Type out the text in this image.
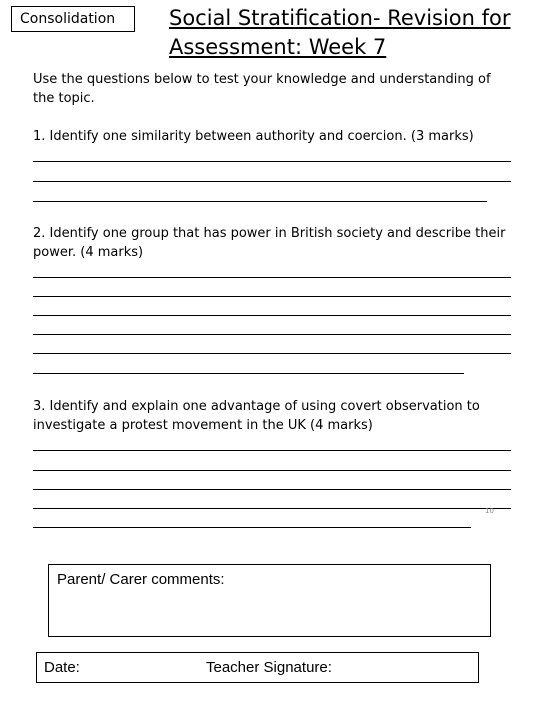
Consolidation	Social Stratification- Revision for
Assessment: Week 7
Use the questions below to test your knowledge and understanding of the topic.
1. Identify one similarity between authority and coercion. (3 marks)
2. Identify one group that has power in British society and describe their power. (4 marks)
3. Identify and explain one advantage of using covert observation to investigate a protest movement in the UK (4 marks)
10
Parent/ Carer comments:
Date:	Teacher Signature:
